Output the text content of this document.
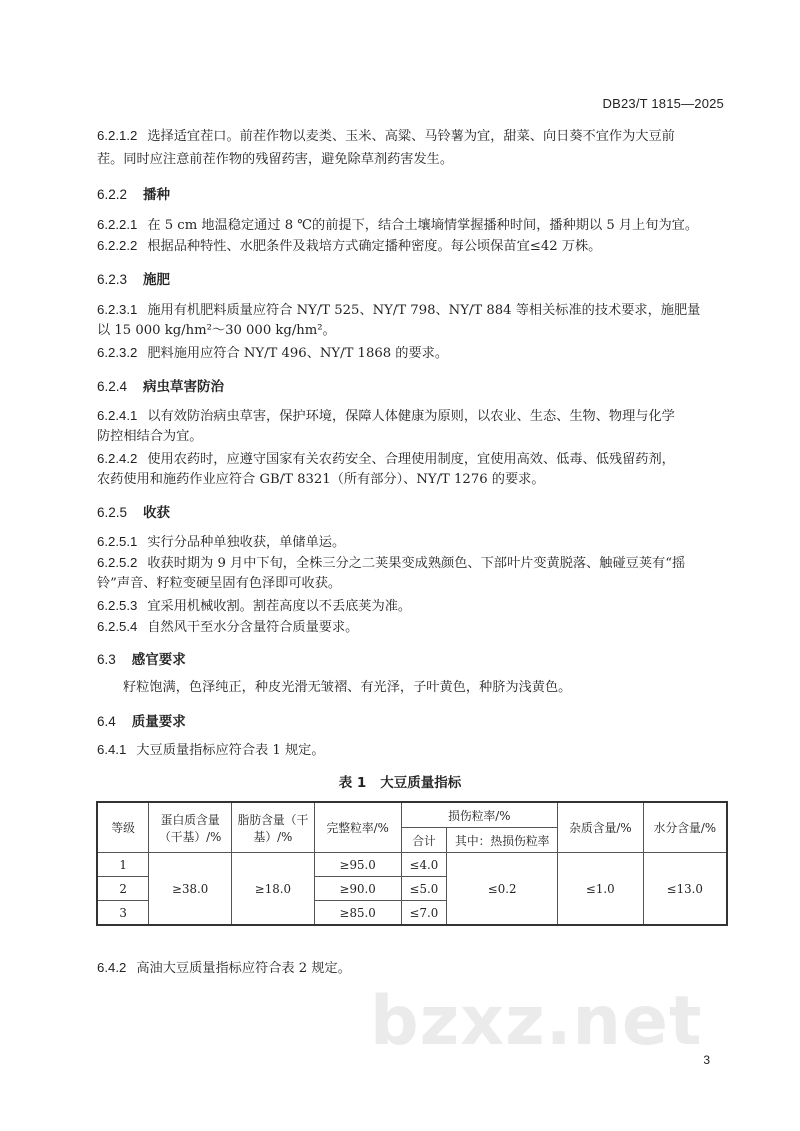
DB23/T 1815—2025
6.2.1.2 选择适宜茬口。前茬作物以麦类、玉米、高粱、马铃薯为宜，甜菜、向日葵不宜作为大豆前
茬。同时应注意前茬作物的残留药害，避免除草剂药害发生。
6.2.2 播种
6.2.2.1 在 5 cm 地温稳定通过 8 ℃的前提下，结合土壤墒情掌握播种时间，播种期以 5 月上旬为宜。
6.2.2.2 根据品种特性、水肥条件及栽培方式确定播种密度。每公顷保苗宜≤42 万株。
6.2.3 施肥
6.2.3.1 施用有机肥料质量应符合 NY/T 525、NY/T 798、NY/T 884 等相关标准的技术要求，施肥量
以 15 000 kg/hm²～30 000 kg/hm²。
6.2.3.2 肥料施用应符合 NY/T 496、NY/T 1868 的要求。
6.2.4 病虫草害防治
6.2.4.1 以有效防治病虫草害，保护环境，保障人体健康为原则，以农业、生态、生物、物理与化学
防控相结合为宜。
6.2.4.2 使用农药时，应遵守国家有关农药安全、合理使用制度，宜使用高效、低毒、低残留药剂，
农药使用和施药作业应符合 GB/T 8321（所有部分）、NY/T 1276 的要求。
6.2.5 收获
6.2.5.1 实行分品种单独收获，单储单运。
6.2.5.2 收获时期为 9 月中下旬，全株三分之二荚果变成熟颜色、下部叶片变黄脱落、触碰豆荚有“摇
铃”声音、籽粒变硬呈固有色泽即可收获。
6.2.5.3 宜采用机械收割。割茬高度以不丢底荚为准。
6.2.5.4 自然风干至水分含量符合质量要求。
6.3 感官要求
籽粒饱满，色泽纯正，种皮光滑无皱褶、有光泽，子叶黄色，种脐为浅黄色。
6.4 质量要求
6.4.1 大豆质量指标应符合表 1 规定。
表 1 大豆质量指标
等级	蛋白质含量（干基）/%	脂肪含量（干基）/%	完整粒率/%	损伤粒率/%		杂质含量/%	水分含量/%
				合计	其中：热损伤粒率		
1	≥38.0	≥18.0	≥95.0	≤4.0	≤0.2	≤1.0	≤13.0
2			≥90.0	≤5.0			
3			≥85.0	≤7.0			
6.4.2 高油大豆质量指标应符合表 2 规定。
bzxz.net 3
